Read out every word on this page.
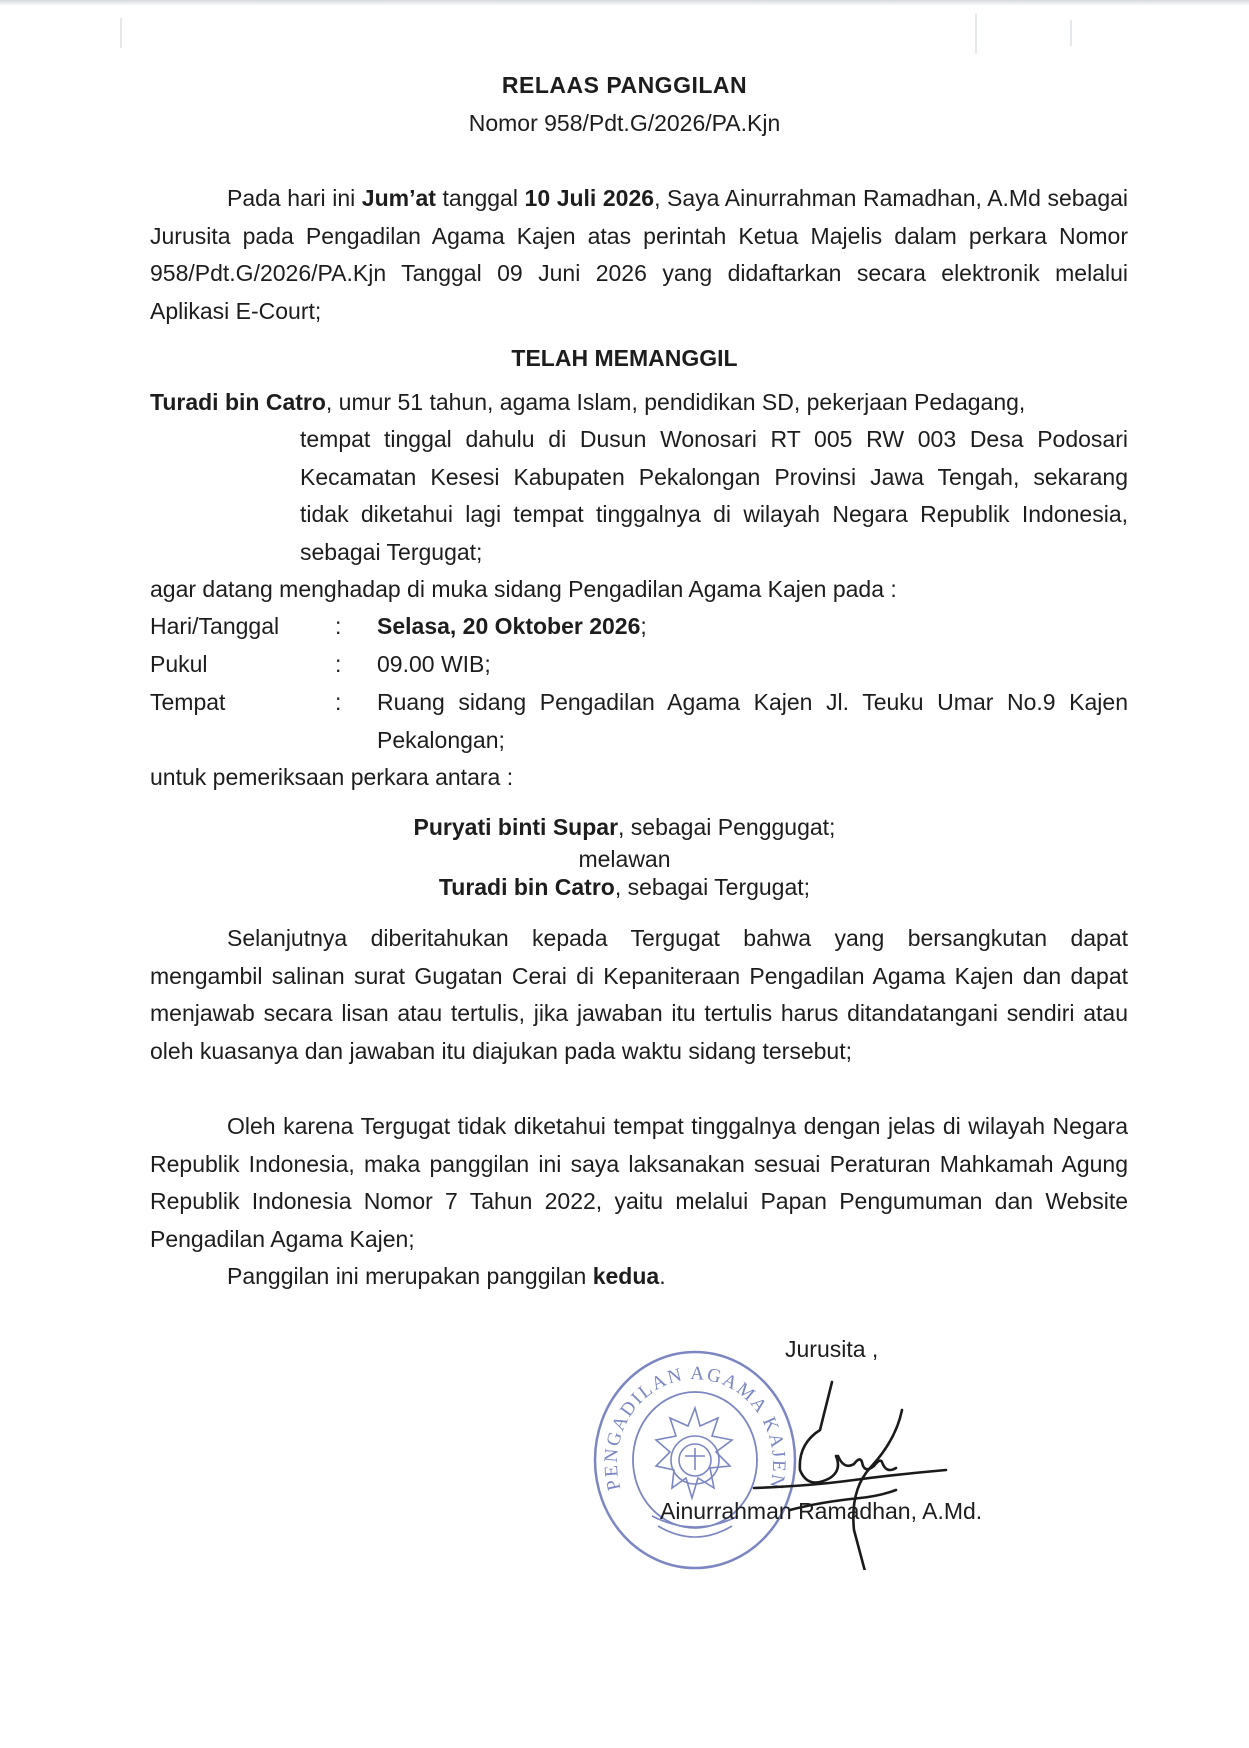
RELAAS PANGGILAN
Nomor 958/Pdt.G/2026/PA.Kjn
Pada hari ini Jum’at tanggal 10 Juli 2026, Saya Ainurrahman Ramadhan, A.Md sebagai Jurusita pada Pengadilan Agama Kajen atas perintah Ketua Majelis dalam perkara Nomor 958/Pdt.G/2026/PA.Kjn Tanggal 09 Juni 2026 yang didaftarkan secara elektronik melalui Aplikasi E-Court;
TELAH MEMANGGIL
Turadi bin Catro, umur 51 tahun, agama Islam, pendidikan SD, pekerjaan Pedagang,
tempat tinggal dahulu di Dusun Wonosari RT 005 RW 003 Desa Podosari Kecamatan Kesesi Kabupaten Pekalongan Provinsi Jawa Tengah, sekarang tidak diketahui lagi tempat tinggalnya di wilayah Negara Republik Indonesia, sebagai Tergugat;
agar datang menghadap di muka sidang Pengadilan Agama Kajen pada :
Hari/Tanggal : Selasa, 20 Oktober 2026;
Pukul	: 09.00 WIB;
Tempat	: Ruang sidang Pengadilan Agama Kajen Jl. Teuku Umar No.9 Kajen Pekalongan;
untuk pemeriksaan perkara antara :
Puryati binti Supar, sebagai Penggugat;
melawan
Turadi bin Catro, sebagai Tergugat;
Selanjutnya diberitahukan kepada Tergugat bahwa yang bersangkutan dapat mengambil salinan surat Gugatan Cerai di Kepaniteraan Pengadilan Agama Kajen dan dapat menjawab secara lisan atau tertulis, jika jawaban itu tertulis harus ditandatangani sendiri atau oleh kuasanya dan jawaban itu diajukan pada waktu sidang tersebut;
Oleh karena Tergugat tidak diketahui tempat tinggalnya dengan jelas di wilayah Negara Republik Indonesia, maka panggilan ini saya laksanakan sesuai Peraturan Mahkamah Agung Republik Indonesia Nomor 7 Tahun 2022, yaitu melalui Papan Pengumuman dan Website Pengadilan Agama Kajen;
Panggilan ini merupakan panggilan kedua.
Jurusita ,
PENGADILAN AGAMA KAJEN
Ainurrahman Ramadhan, A.Md.
